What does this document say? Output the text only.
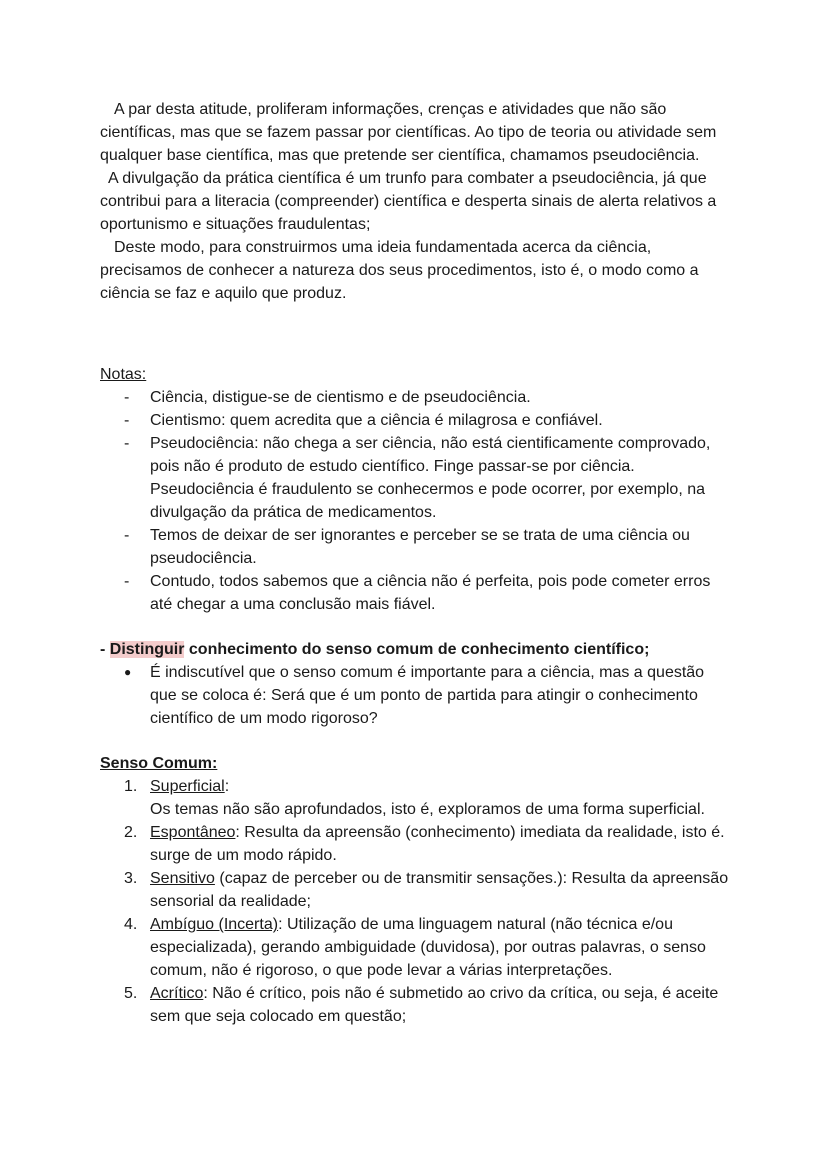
A par desta atitude, proliferam informações, crenças e atividades que não são científicas, mas que se fazem passar por científicas. Ao tipo de teoria ou atividade sem qualquer base científica, mas que pretende ser científica, chamamos pseudociência.

A divulgação da prática científica é um trunfo para combater a pseudociência, já que contribui para a literacia (compreender) científica e desperta sinais de alerta relativos a oportunismo e situações fraudulentas;

Deste modo, para construirmos uma ideia fundamentada acerca da ciência, precisamos de conhecer a natureza dos seus procedimentos, isto é, o modo como a ciência se faz e aquilo que produz.

Notas:

- Ciência, distigue-se de cientismo e de pseudociência.
- Cientismo: quem acredita que a ciência é milagrosa e confiável.
- Pseudociência: não chega a ser ciência, não está cientificamente comprovado, pois não é produto de estudo científico. Finge passar-se por ciência. Pseudociência é fraudulento se conhecermos e pode ocorrer, por exemplo, na divulgação da prática de medicamentos.
- Temos de deixar de ser ignorantes e perceber se se trata de uma ciência ou pseudociência.
- Contudo, todos sabemos que a ciência não é perfeita, pois pode cometer erros até chegar a uma conclusão mais fiável.

- Distinguir conhecimento do senso comum de conhecimento científico;

● É indiscutível que o senso comum é importante para a ciência, mas a questão que se coloca é: Será que é um ponto de partida para atingir o conhecimento científico de um modo rigoroso?

Senso Comum:

1. Superficial:
Os temas não são aprofundados, isto é, exploramos de uma forma superficial.
2. Espontâneo: Resulta da apreensão (conhecimento) imediata da realidade, isto é. surge de um modo rápido.
3. Sensitivo (capaz de perceber ou de transmitir sensações.): Resulta da apreensão sensorial da realidade;
4. Ambíguo (Incerta): Utilização de uma linguagem natural (não técnica e/ou especializada), gerando ambiguidade (duvidosa), por outras palavras, o senso comum, não é rigoroso, o que pode levar a várias interpretações.
5. Acrítico: Não é crítico, pois não é submetido ao crivo da crítica, ou seja, é aceite sem que seja colocado em questão;
